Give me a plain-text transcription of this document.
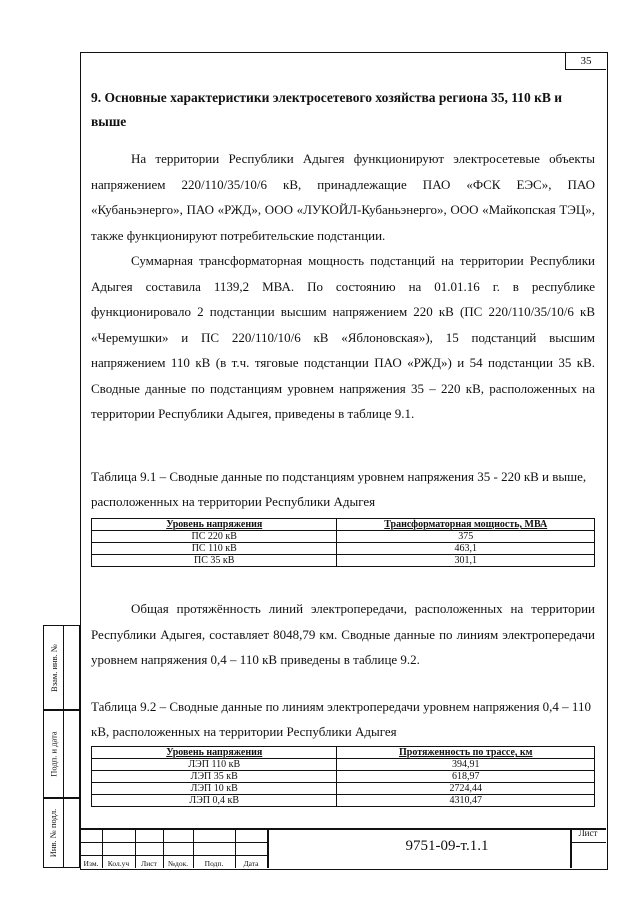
35
9. Основные характеристики электросетевого хозяйства региона 35, 110 кВ и выше
На территории Республики Адыгея функционируют электросетевые объекты напряжением 220/110/35/10/6 кВ, принадлежащие ПАО «ФСК ЕЭС», ПАО «Кубаньэнерго», ПАО «РЖД», ООО «ЛУКОЙЛ-Кубаньэнерго», ООО «Майкопская ТЭЦ», также функционируют потребительские подстанции.
Суммарная трансформаторная мощность подстанций на территории Республики Адыгея составила 1139,2 МВА. По состоянию на 01.01.16 г. в республике функционировало 2 подстанции высшим напряжением 220 кВ (ПС 220/110/35/10/6 кВ «Черемушки» и ПС 220/110/10/6 кВ «Яблоновская»), 15 подстанций высшим напряжением 110 кВ (в т.ч. тяговые подстанции ПАО «РЖД») и 54 подстанции 35 кВ. Сводные данные по подстанциям уровнем напряжения 35 – 220 кВ, расположенных на территории Республики Адыгея, приведены в таблице 9.1.
Таблица 9.1 – Сводные данные по подстанциям уровнем напряжения 35 - 220 кВ и выше, расположенных на территории Республики Адыгея
Уровень напряжения	Трансформаторная мощность, МВА
ПС 220 кВ	375
ПС 110 кВ	463,1
ПС 35 кВ	301,1
Общая протяжённость линий электропередачи, расположенных на территории Республики Адыгея, составляет 8048,79 км. Сводные данные по линиям электропередачи уровнем напряжения 0,4 – 110 кВ приведены в таблице 9.2.
Таблица 9.2 – Сводные данные по линиям электропередачи уровнем напряжения 0,4 – 110 кВ, расположенных на территории Республики Адыгея
Уровень напряжения	Протяженность по трассе, км
ЛЭП 110 кВ	394,91
ЛЭП 35 кВ	618,97
ЛЭП 10 кВ	2724,44
ЛЭП 0,4 кВ	4310,47
Взам. инв. №
Подп. и дата
Инв. № подл.
Изм.	Кол.уч	Лист	№док.	Подп.	Дата
9751-09-т.1.1
Лист
